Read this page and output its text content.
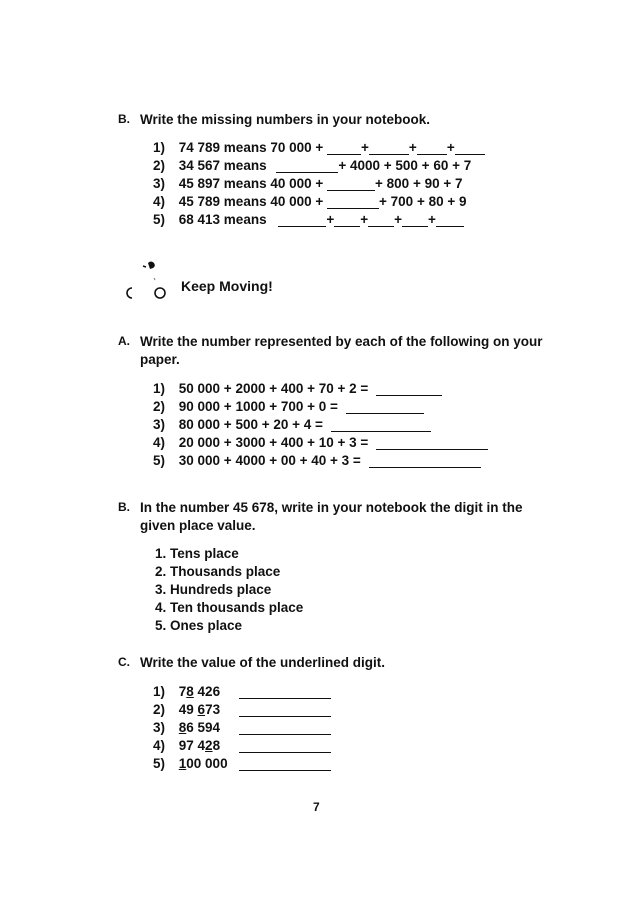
B. Write the missing numbers in your notebook.
1) 74 789 means 70 000 +	+	+ +
2) 34 567 means	+ 4000 + 500 + 60 + 7
3) 45 897 means 40 000 +	+ 800 + 90 + 7
4) 45 789 means 40 000 +	+ 700 + 80 + 9
5) 68 413 means	+ + + +
Keep Moving!
A. Write the number represented by each of the following on your
paper.
1) 50 000 + 2000 + 400 + 70 + 2 =
2) 90 000 + 1000 + 700 + 0 =
3) 80 000 + 500 + 20 + 4 =
4) 20 000 + 3000 + 400 + 10 + 3 =
5) 30 000 + 4000 + 00 + 40 + 3 =
B. In the number 45 678, write in your notebook the digit in the
given place value.
1. Tens place
2. Thousands place
3. Hundreds place
4. Ten thousands place
5. Ones place
C. Write the value of the underlined digit.
1) 78 426
2) 49 673
3) 86 594
4) 97 428
5) 100 000
7
